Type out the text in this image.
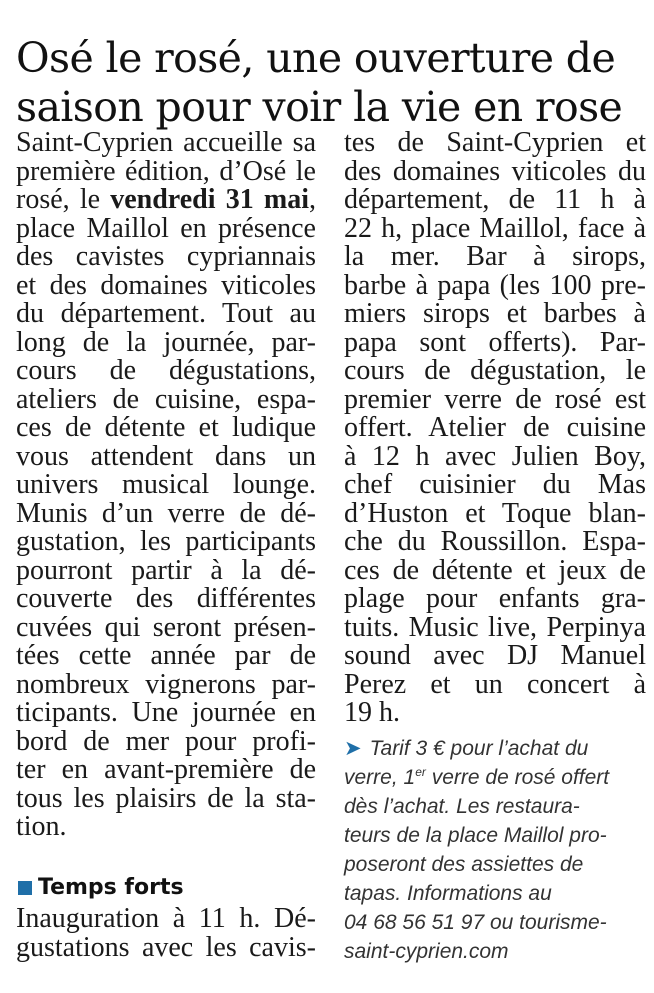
Osé le rosé, une ouverture de
saison pour voir la vie en rose
Saint-Cyprien accueille sa
première édition, d’Osé le
rosé, le vendredi 31 mai,
place Maillol en présence
des cavistes cypriannais
et des domaines viticoles
du département. Tout au
long de la journée, par-
cours de dégustations,
ateliers de cuisine, espa-
ces de détente et ludique
vous attendent dans un
univers musical lounge.
Munis d’un verre de dé-
gustation, les participants
pourront partir à la dé-
couverte des différentes
cuvées qui seront présen-
tées cette année par de
nombreux vignerons par-
ticipants. Une journée en
bord de mer pour profi-
ter en avant-première de
tous les plaisirs de la sta-
tion.
Temps forts
Inauguration à 11 h. Dé-
gustations avec les cavis-
tes de Saint-Cyprien et
des domaines viticoles du
département, de 11 h à
22 h, place Maillol, face à
la mer. Bar à sirops,
barbe à papa (les 100 pre-
miers sirops et barbes à
papa sont offerts). Par-
cours de dégustation, le
premier verre de rosé est
offert. Atelier de cuisine
à 12 h avec Julien Boy,
chef cuisinier du Mas
d’Huston et Toque blan-
che du Roussillon. Espa-
ces de détente et jeux de
plage pour enfants gra-
tuits. Music live, Perpinya
sound avec DJ Manuel
Perez et un concert à
19 h.
➤ Tarif 3 € pour l’achat du
verre, 1er verre de rosé offert
dès l’achat. Les restaura-
teurs de la place Maillol pro-
poseront des assiettes de
tapas. Informations au
04 68 56 51 97 ou tourisme-
saint-cyprien.com
